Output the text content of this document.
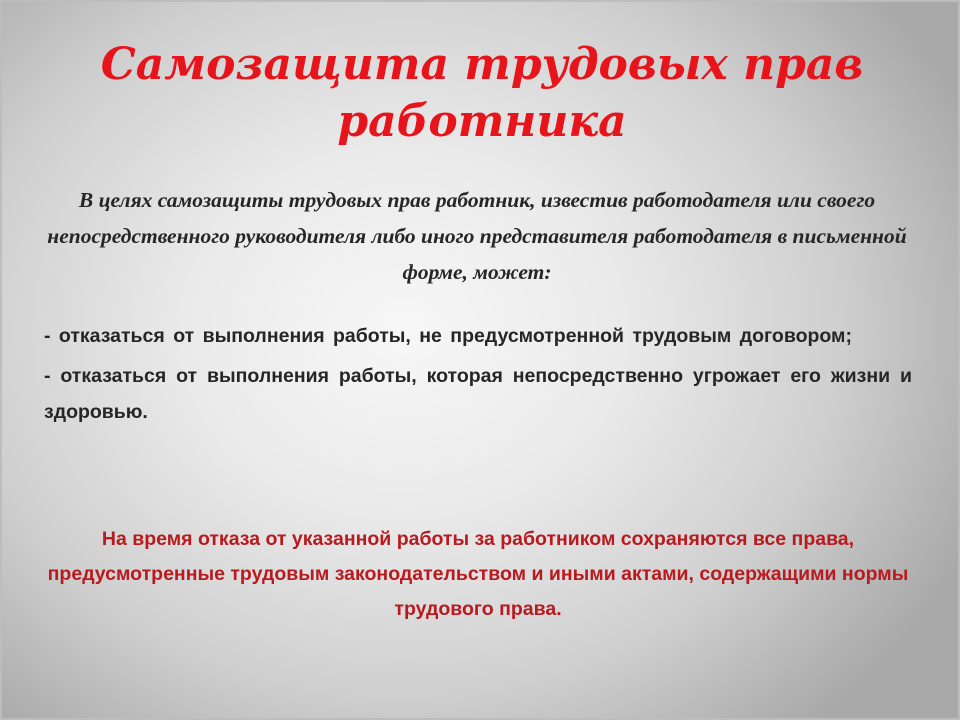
Самозащита трудовых прав работника

В целях самозащиты трудовых прав работник, известив работодателя или своего непосредственного руководителя либо иного представителя работодателя в письменной форме, может:

- отказаться от выполнения работы, не предусмотренной трудовым договором;
- отказаться от выполнения работы, которая непосредственно угрожает его жизни и здоровью.

На время отказа от указанной работы за работником сохраняются все права, предусмотренные трудовым законодательством и иными актами, содержащими нормы трудового права.
